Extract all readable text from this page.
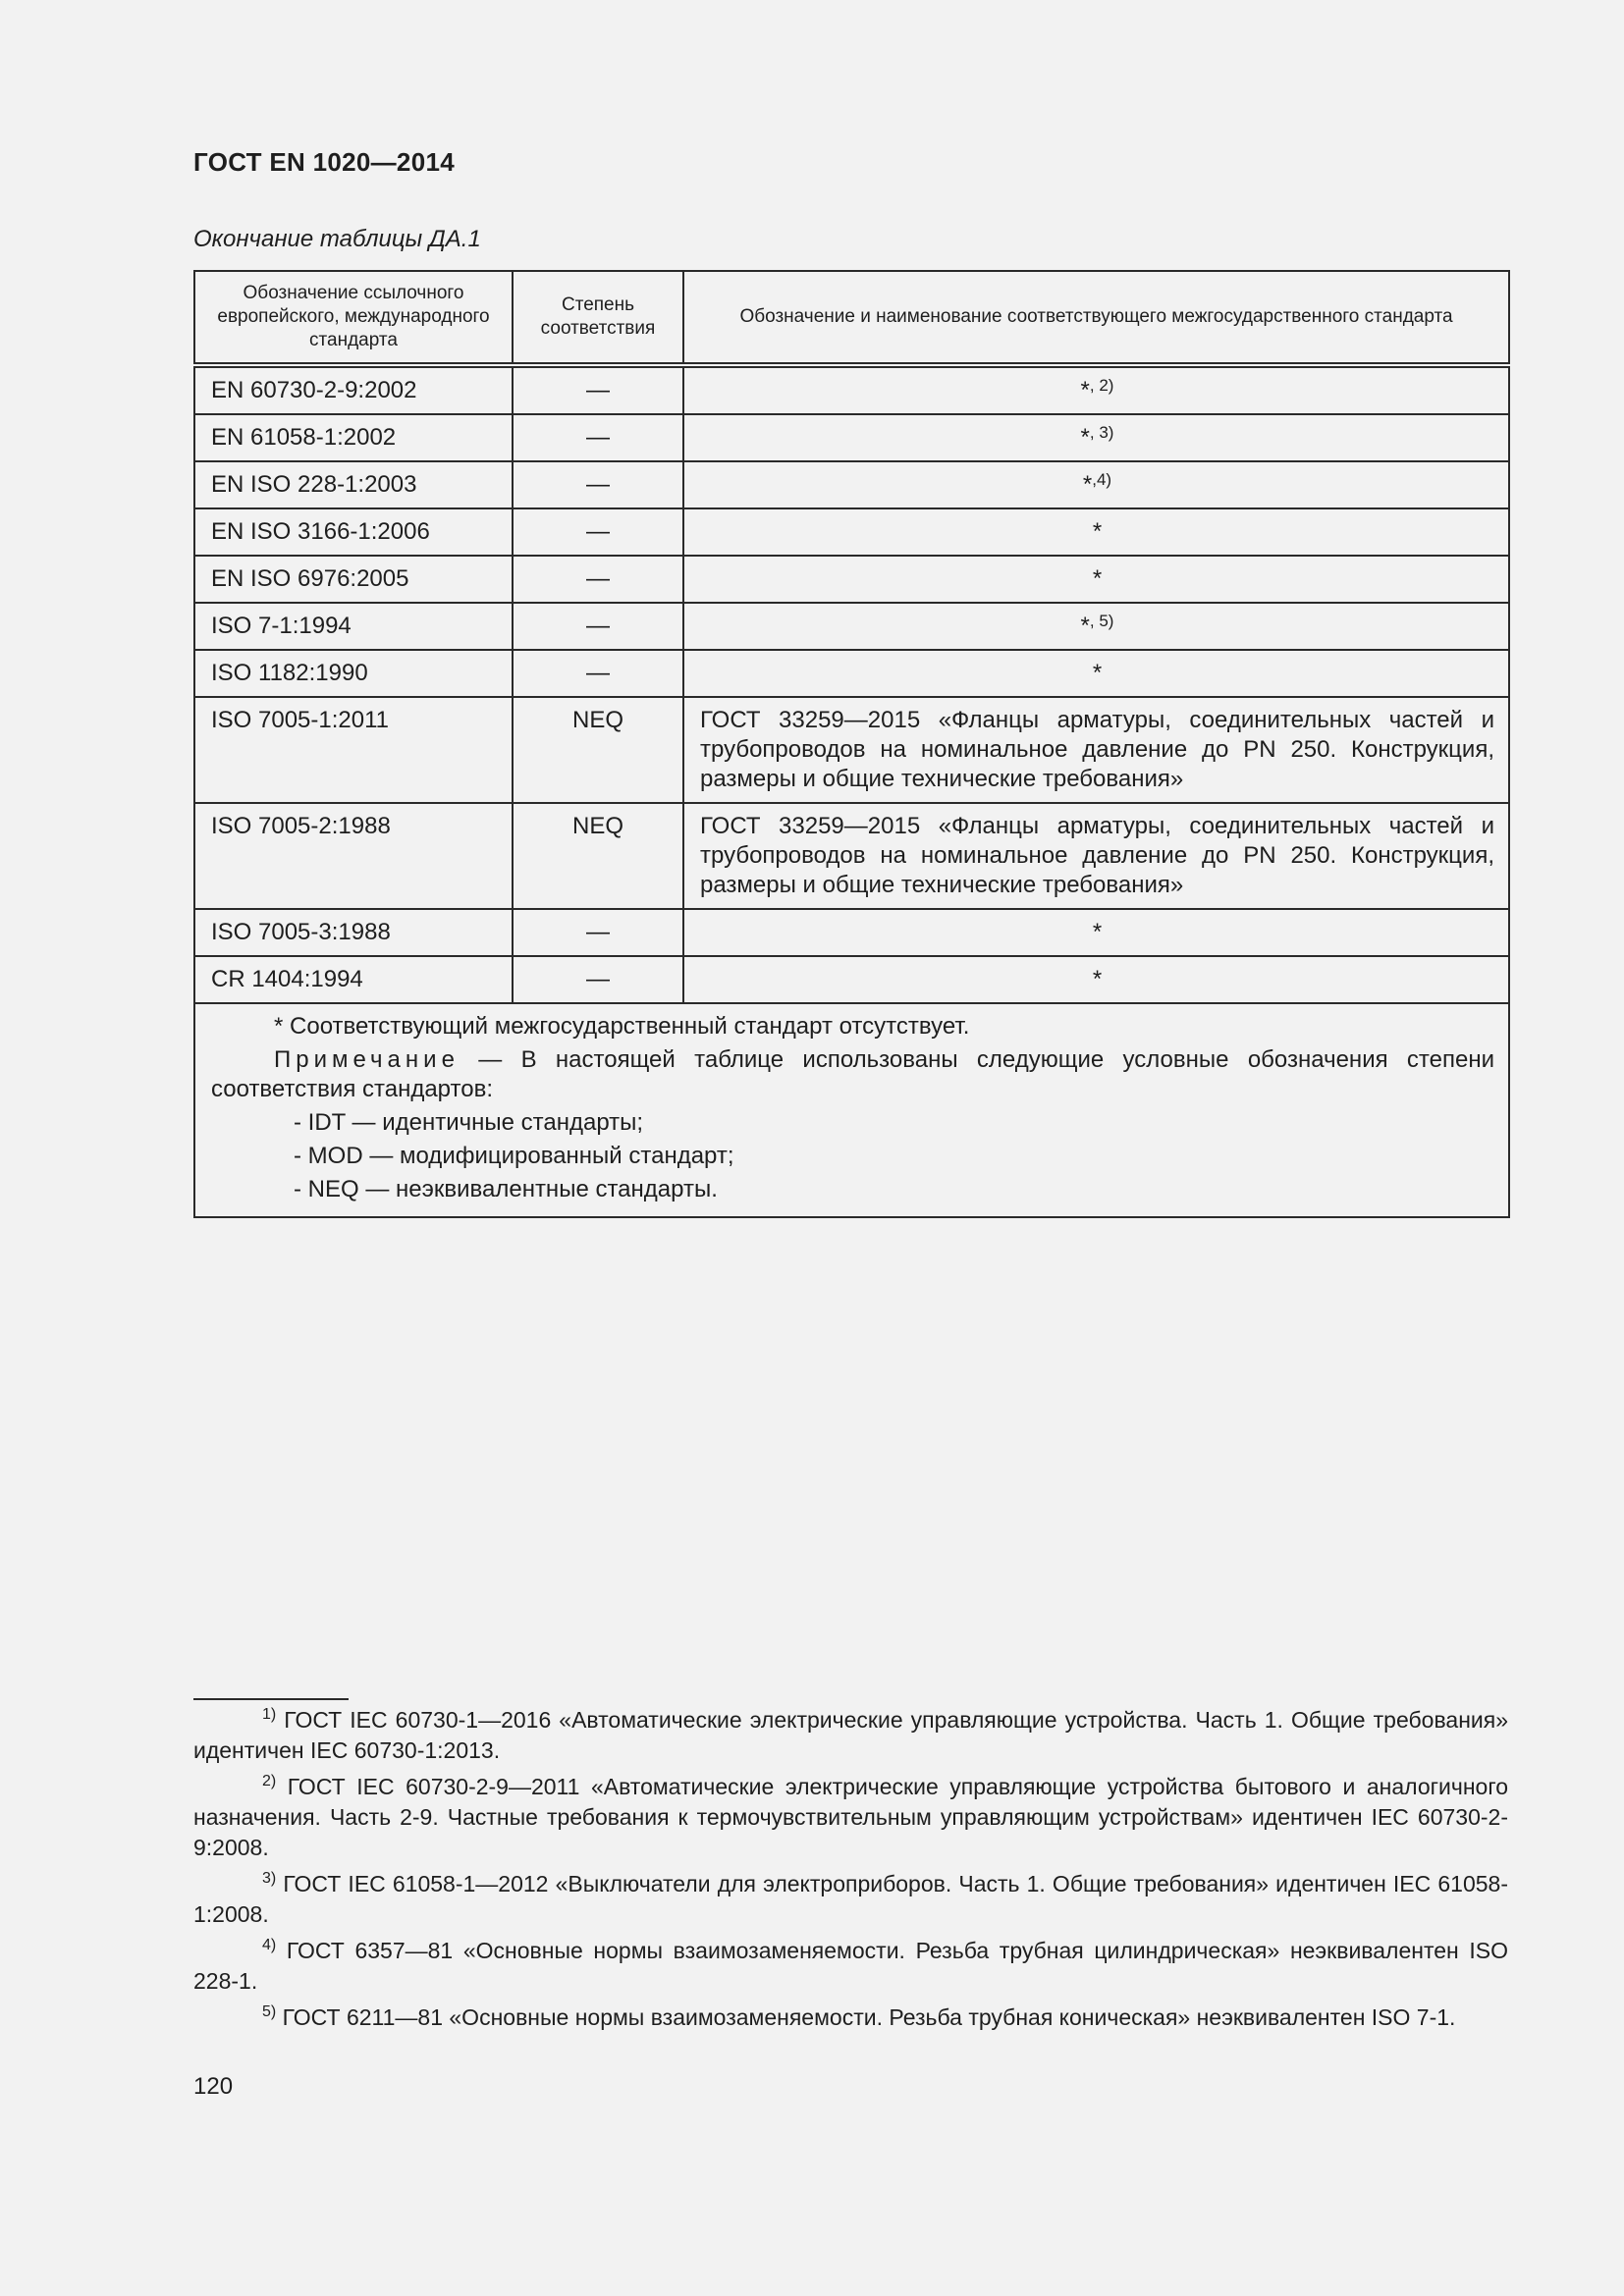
ГОСТ EN 1020—2014
Окончание таблицы ДА.1
Обозначение ссылочного европейского, международного стандарта	Степень соответствия	Обозначение и наименование соответствующего межгосударственного стандарта
EN 60730-2-9:2002	—	*$^{, 2)}$
EN 61058-1:2002	—	*$^{, 3)}$
EN ISO 228-1:2003	—	*$^{,4)}$
EN ISO 3166-1:2006	—	*
EN ISO 6976:2005	—	*
ISO 7-1:1994	—	*$^{, 5)}$
ISO 1182:1990	—	*
ISO 7005-1:2011	NEQ	ГОСТ 33259—2015 «Фланцы арматуры, соединительных частей и трубопроводов на номинальное давление до PN 250. Конструкция, размеры и общие технические требования»
ISO 7005-2:1988	NEQ	ГОСТ 33259—2015 «Фланцы арматуры, соединительных частей и трубопроводов на номинальное давление до PN 250. Конструкция, размеры и общие технические требования»
ISO 7005-3:1988	—	*
CR 1404:1994	—	*

* Соответствующий межгосударственный стандарт отсутствует.

Примечание — В настоящей таблице использованы следующие условные обозначения степени соответствия стандартов:

- IDT — идентичные стандарты;

- MOD — модифицированный стандарт;

- NEQ — неэквивалентные стандарты.		

$^{1)}$ ГОСТ IEC 60730-1—2016 «Автоматические электрические управляющие устройства. Часть 1. Общие требования» идентичен IEC 60730-1:2013.

$^{2)}$ ГОСТ IEC 60730-2-9—2011 «Автоматические электрические управляющие устройства бытового и аналогичного назначения. Часть 2-9. Частные требования к термочувствительным управляющим устройствам» идентичен IEC 60730-2-9:2008.

$^{3)}$ ГОСТ IEC 61058-1—2012 «Выключатели для электроприборов. Часть 1. Общие требования» идентичен IEC 61058-1:2008.

$^{4)}$ ГОСТ 6357—81 «Основные нормы взаимозаменяемости. Резьба трубная цилиндрическая» неэквивалентен ISO 228-1.

$^{5)}$ ГОСТ 6211—81 «Основные нормы взаимозаменяемости. Резьба трубная коническая» неэквивалентен ISO 7-1.

120
